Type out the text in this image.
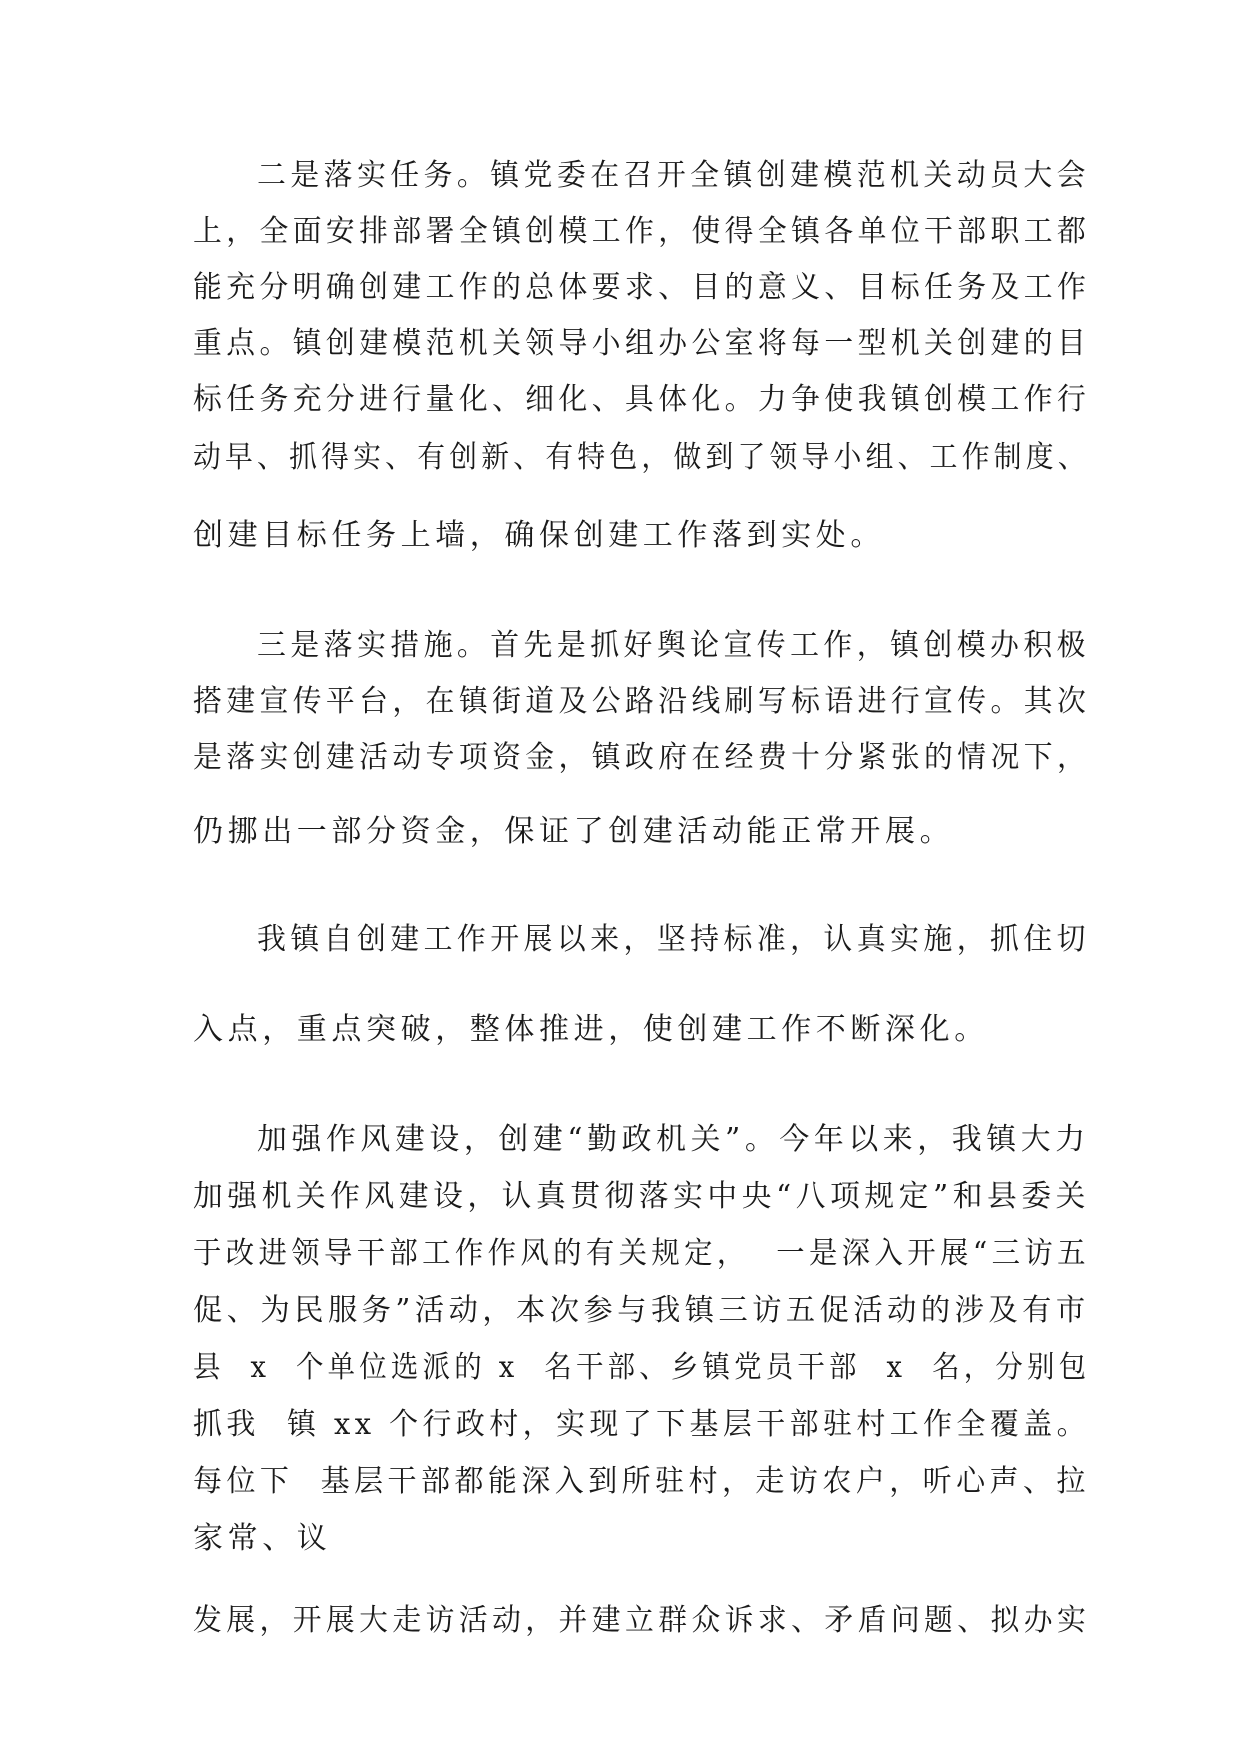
二是落实任务。镇党委在召开全镇创建模范机关动员大会
上，全面安排部署全镇创模工作，使得全镇各单位干部职工都
能充分明确创建工作的总体要求、目的意义、目标任务及工作
重点。镇创建模范机关领导小组办公室将每一型机关创建的目
标任务充分进行量化、细化、具体化。力争使我镇创模工作行
动早、抓得实、有创新、有特色，做到了领导小组、工作制度、
创建目标任务上墙，确保创建工作落到实处。
三是落实措施。首先是抓好舆论宣传工作，镇创模办积极
搭建宣传平台，在镇街道及公路沿线刷写标语进行宣传。其次
是落实创建活动专项资金，镇政府在经费十分紧张的情况下，
仍挪出一部分资金，保证了创建活动能正常开展。
我镇自创建工作开展以来，坚持标准，认真实施，抓住切
入点，重点突破，整体推进，使创建工作不断深化。
加强作风建设，创建“勤政机关”。今年以来，我镇大力
加强机关作风建设，认真贯彻落实中央“八项规定”和县委关
于改进领导干部工作作风的有关规定，  一是深入开展“三访五
促、为民服务”活动，本次参与我镇三访五促活动的涉及有市
县  x  个单位选派的 x  名干部、乡镇党员干部  x  名，分别包
抓我  镇 xx 个行政村，实现了下基层干部驻村工作全覆盖。
每位下  基层干部都能深入到所驻村，走访农户，听心声、拉
家常、议
发展，开展大走访活动，并建立群众诉求、矛盾问题、拟办实
